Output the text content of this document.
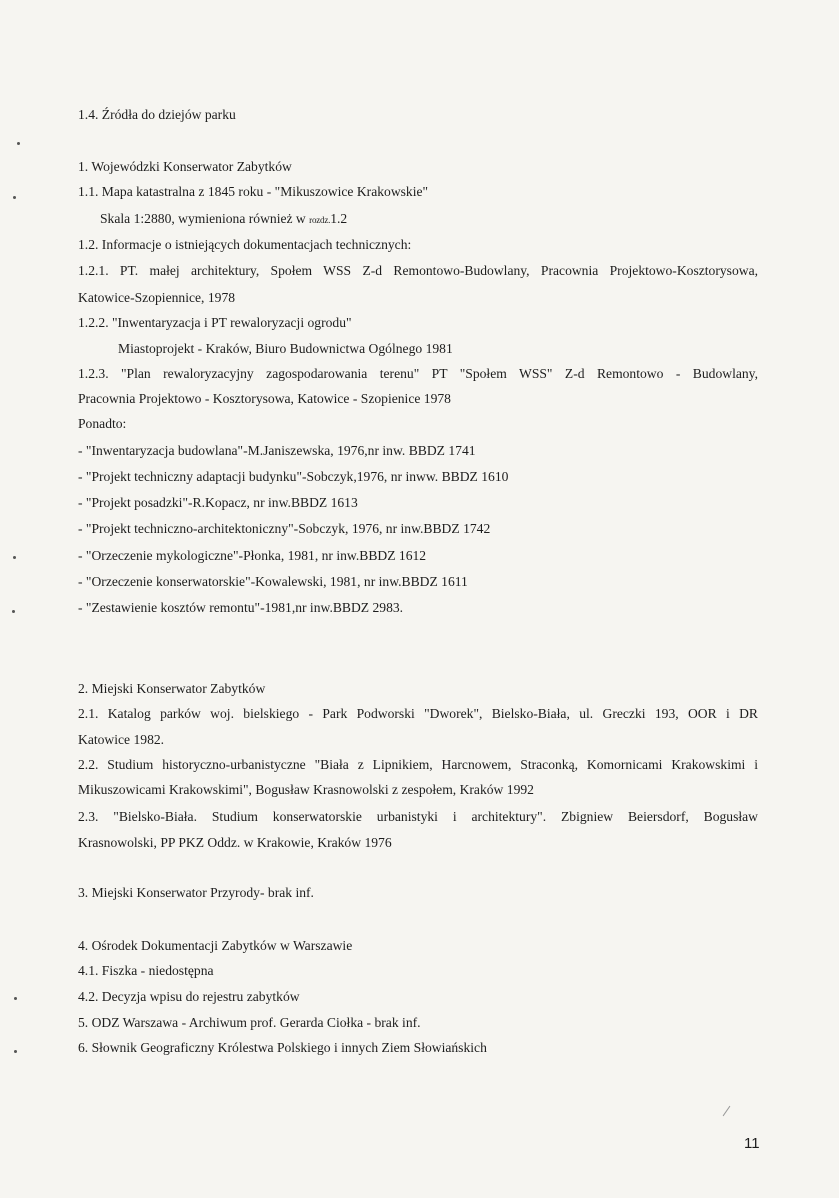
1.4. Źródła do dziejów parku
1. Wojewódzki Konserwator Zabytków
1.1. Mapa katastralna z 1845 roku - "Mikuszowice Krakowskie"
Skala 1:2880, wymieniona również w rozdz.1.2
1.2. Informacje o istniejących dokumentacjach technicznych:
1.2.1. PT. małej architektury, Społem WSS Z-d Remontowo-Budowlany, Pracownia Projektowo-Kosztorysowa,
Katowice-Szopiennice, 1978
1.2.2. "Inwentaryzacja i PT rewaloryzacji ogrodu"
Miastoprojekt - Kraków, Biuro Budownictwa Ogólnego 1981
1.2.3. "Plan rewaloryzacyjny zagospodarowania terenu" PT "Społem WSS" Z-d Remontowo - Budowlany,
Pracownia Projektowo - Kosztorysowa, Katowice - Szopienice 1978
Ponadto:
- "Inwentaryzacja budowlana"-M.Janiszewska, 1976,nr inw. BBDZ 1741
- "Projekt techniczny adaptacji budynku"-Sobczyk,1976, nr inww. BBDZ 1610
- "Projekt posadzki"-R.Kopacz, nr inw.BBDZ 1613
- "Projekt techniczno-architektoniczny"-Sobczyk, 1976, nr inw.BBDZ 1742
- "Orzeczenie mykologiczne"-Płonka, 1981, nr inw.BBDZ 1612
- "Orzeczenie konserwatorskie"-Kowalewski, 1981, nr inw.BBDZ 1611
- "Zestawienie kosztów remontu"-1981,nr inw.BBDZ 2983.
2. Miejski Konserwator Zabytków
2.1. Katalog parków woj. bielskiego - Park Podworski "Dworek", Bielsko-Biała, ul. Greczki 193, OOR i DR
Katowice 1982.
2.2. Studium historyczno-urbanistyczne "Biała z Lipnikiem, Harcnowem, Straconką, Komornicami Krakowskimi i
Mikuszowicami Krakowskimi", Bogusław Krasnowolski z zespołem, Kraków 1992
2.3. "Bielsko-Biała. Studium konserwatorskie urbanistyki i architektury". Zbigniew Beiersdorf, Bogusław
Krasnowolski, PP PKZ Oddz. w Krakowie, Kraków 1976
3. Miejski Konserwator Przyrody- brak inf.
4. Ośrodek Dokumentacji Zabytków w Warszawie
4.1. Fiszka - niedostępna
4.2. Decyzja wpisu do rejestru zabytków
5. ODZ Warszawa - Archiwum prof. Gerarda Ciołka - brak inf.
6. Słownik Geograficzny Królestwa Polskiego i innych Ziem Słowiańskich
11
